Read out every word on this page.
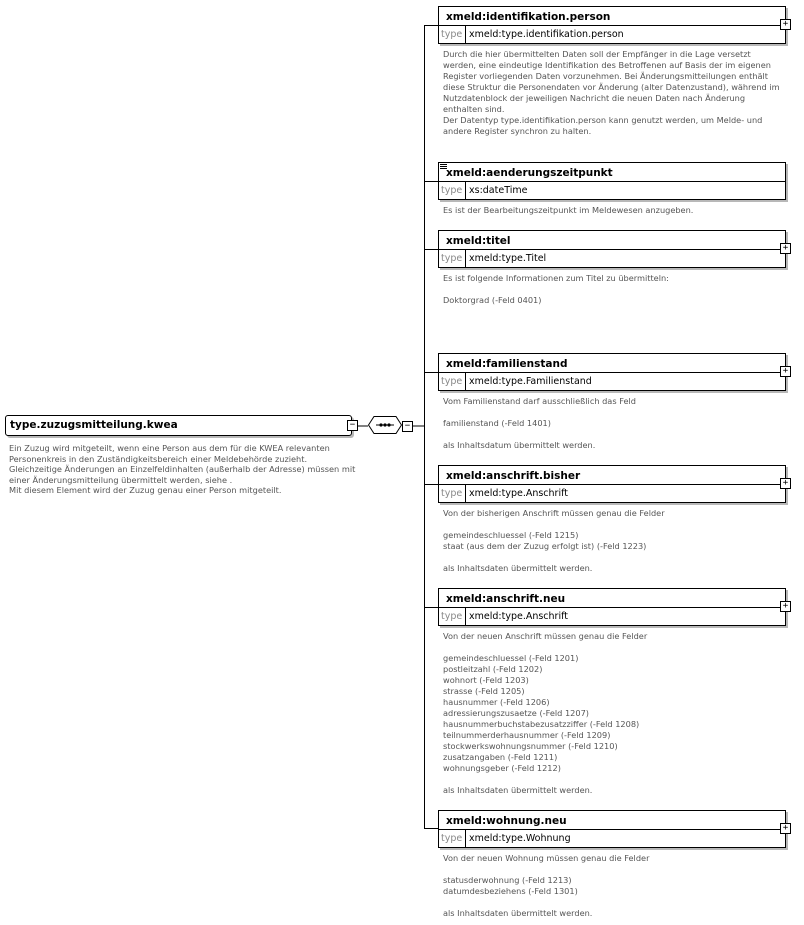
type.zuzugsmitteilung.kwea	−
Ein Zuzug wird mitgeteilt, wenn eine Person aus dem für die KWEA relevanten
Personenkreis in den Zuständigkeitsbereich einer Meldebehörde zuzieht.
Gleichzeitige Änderungen an Einzelfeldinhalten (außerhalb der Adresse) müssen mit
einer Änderungsmitteilung übermittelt werden, siehe .
Mit diesem Element wird der Zuzug genau einer Person mitgeteilt.
−
xmeld:identifikation.person
type xmeld:type.identifikation.person
+
Durch die hier übermittelten Daten soll der Empfänger in die Lage versetzt
werden, eine eindeutige Identifikation des Betroffenen auf Basis der im eigenen
Register vorliegenden Daten vorzunehmen. Bei Änderungsmitteilungen enthält
diese Struktur die Personendaten vor Änderung (alter Datenzustand), während im
Nutzdatenblock der jeweiligen Nachricht die neuen Daten nach Änderung
enthalten sind.
Der Datentyp type.identifikation.person kann genutzt werden, um Melde- und
andere Register synchron zu halten.
xmeld:aenderungszeitpunkt
type xs:dateTime
Es ist der Bearbeitungszeitpunkt im Meldewesen anzugeben.
xmeld:titel
type xmeld:type.Titel
+
Es ist folgende Informationen zum Titel zu übermitteln:

Doktorgrad (-Feld 0401)
xmeld:familienstand
type xmeld:type.Familienstand
+
Vom Familienstand darf ausschließlich das Feld

familienstand (-Feld 1401)

als Inhaltsdatum übermittelt werden.
xmeld:anschrift.bisher
type xmeld:type.Anschrift
+
Von der bisherigen Anschrift müssen genau die Felder

gemeindeschluessel (-Feld 1215)
staat (aus dem der Zuzug erfolgt ist) (-Feld 1223)

als Inhaltsdaten übermittelt werden.
xmeld:anschrift.neu
type xmeld:type.Anschrift
+
Von der neuen Anschrift müssen genau die Felder

gemeindeschluessel (-Feld 1201)
postleitzahl (-Feld 1202)
wohnort (-Feld 1203)
strasse (-Feld 1205)
hausnummer (-Feld 1206)
adressierungszusaetze (-Feld 1207)
hausnummerbuchstabezusatzziffer (-Feld 1208)
teilnummerderhausnummer (-Feld 1209)
stockwerkswohnungsnummer (-Feld 1210)
zusatzangaben (-Feld 1211)
wohnungsgeber (-Feld 1212)

als Inhaltsdaten übermittelt werden.
xmeld:wohnung.neu
type xmeld:type.Wohnung
+
Von der neuen Wohnung müssen genau die Felder

statusderwohnung (-Feld 1213)
datumdesbeziehens (-Feld 1301)

als Inhaltsdaten übermittelt werden.
